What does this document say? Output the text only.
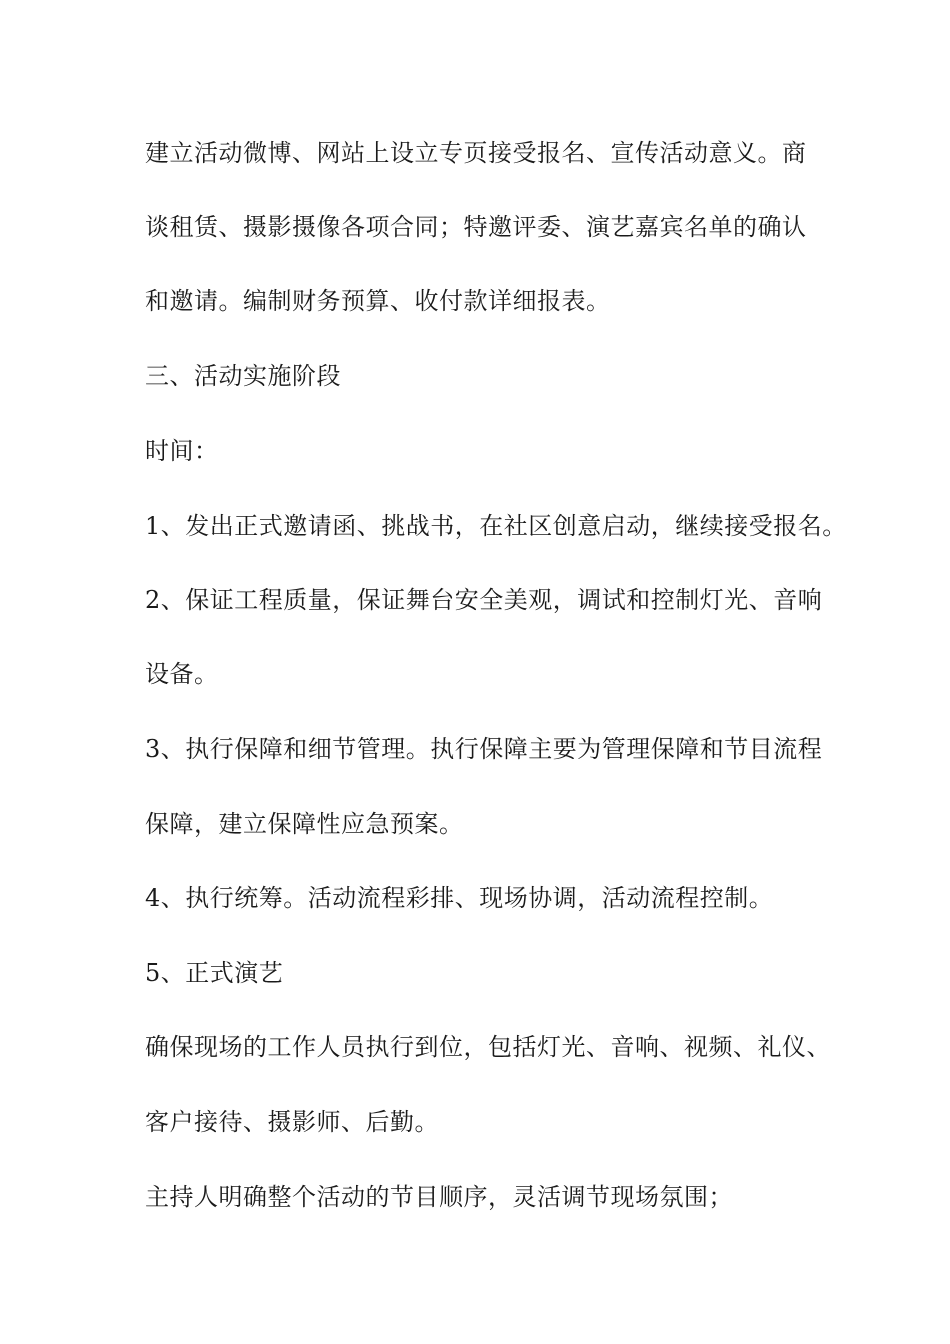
建立活动微博、网站上设立专页接受报名、宣传活动意义。商

谈租赁、摄影摄像各项合同；特邀评委、演艺嘉宾名单的确认

和邀请。编制财务预算、收付款详细报表。

三、活动实施阶段

时间：

1、发出正式邀请函、挑战书，在社区创意启动，继续接受报名。

2、保证工程质量，保证舞台安全美观，调试和控制灯光、音响

设备。

3、执行保障和细节管理。执行保障主要为管理保障和节目流程

保障，建立保障性应急预案。

4、执行统筹。活动流程彩排、现场协调，活动流程控制。

5、正式演艺

确保现场的工作人员执行到位，包括灯光、音响、视频、礼仪、

客户接待、摄影师、后勤。

主持人明确整个活动的节目顺序，灵活调节现场氛围；
